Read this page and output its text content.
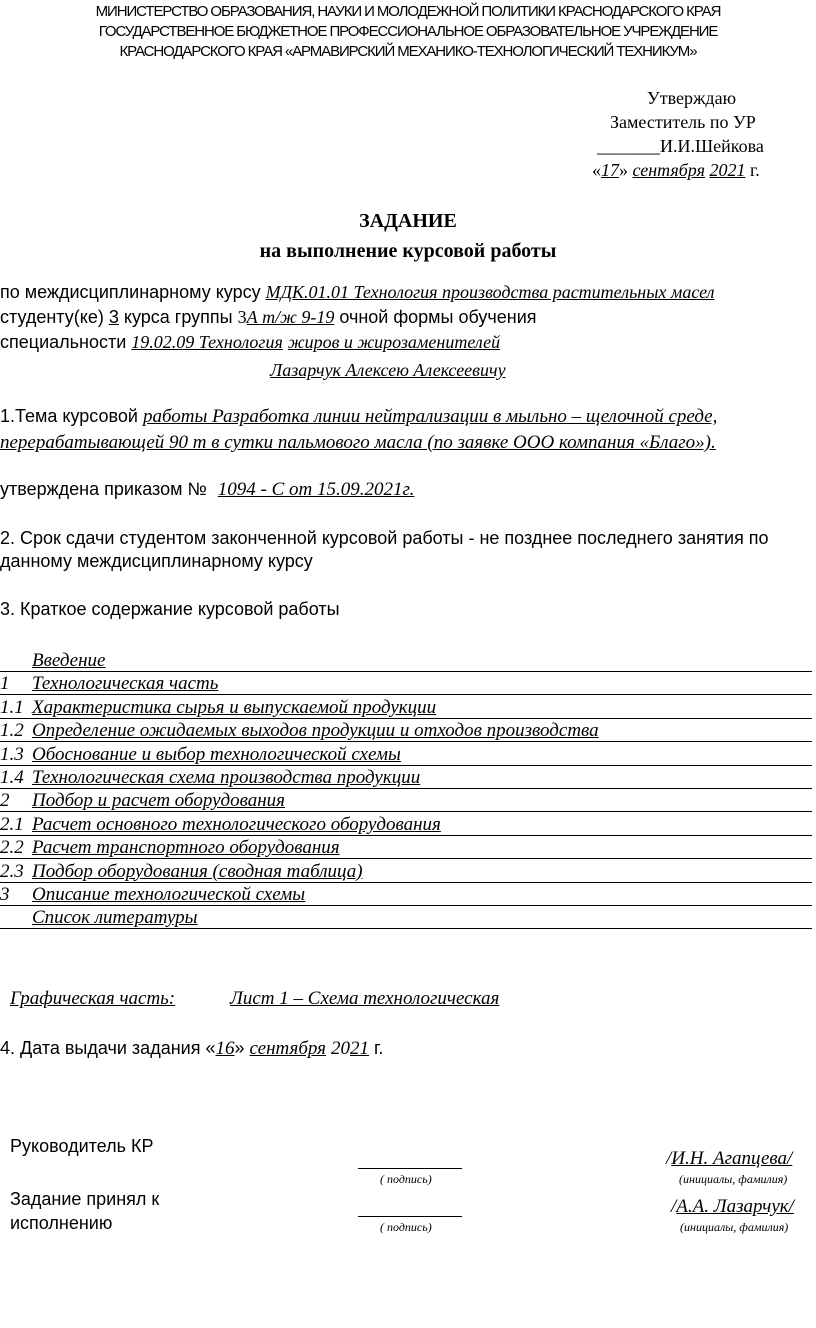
МИНИСТЕРСТВО ОБРАЗОВАНИЯ, НАУКИ И МОЛОДЕЖНОЙ ПОЛИТИКИ КРАСНОДАРСКОГО КРАЯ
ГОСУДАРСТВЕННОЕ БЮДЖЕТНОЕ ПРОФЕССИОНАЛЬНОЕ ОБРАЗОВАТЕЛЬНОЕ УЧРЕЖДЕНИЕ
КРАСНОДАРСКОГО КРАЯ «АРМАВИРСКИЙ МЕХАНИКО-ТЕХНОЛОГИЧЕСКИЙ ТЕХНИКУМ»
Утверждаю
Заместитель по УР
_______И.И.Шейкова
«17» сентября 2021 г.
ЗАДАНИЕ
на выполнение курсовой работы
по междисциплинарному курсу МДК.01.01 Технология производства растительных масел
студенту(ке) 3 курса группы 3А т/ж 9-19 очной формы обучения
специальности 19.02.09 Технология жиров и жирозаменителей
Лазарчук Алексею Алексеевичу
1.Тема курсовой работы Разработка линии нейтрализации в мыльно – щелочной среде,
перерабатывающей 90 т в сутки пальмового масла (по заявке ООО компания «Благо»).
утверждена приказом № 1094 - С от 15.09.2021г.
2. Срок сдачи студентом законченной курсовой работы - не позднее последнего занятия по
данному междисциплинарному курсу
3. Краткое содержание курсовой работы
Введение
1 Технологическая часть
1.1 Характеристика сырья и выпускаемой продукции
1.2 Определение ожидаемых выходов продукции и отходов производства
1.3 Обоснование и выбор технологической схемы
1.4 Технологическая схема производства продукции
2 Подбор и расчет оборудования
2.1 Расчет основного технологического оборудования
2.2 Расчет транспортного оборудования
2.3 Подбор оборудования (сводная таблица)
3 Описание технологической схемы
Список литературы
Графическая часть:	Лист 1 – Схема технологическая
4. Дата выдачи задания «16» сентября 2021 г.
Руководитель КР
( подпись)
/И.Н. Агапцева/
(инициалы, фамилия)
Задание принял к
исполнению	( подпись)
/А.А. Лазарчук/
(инициалы, фамилия)
